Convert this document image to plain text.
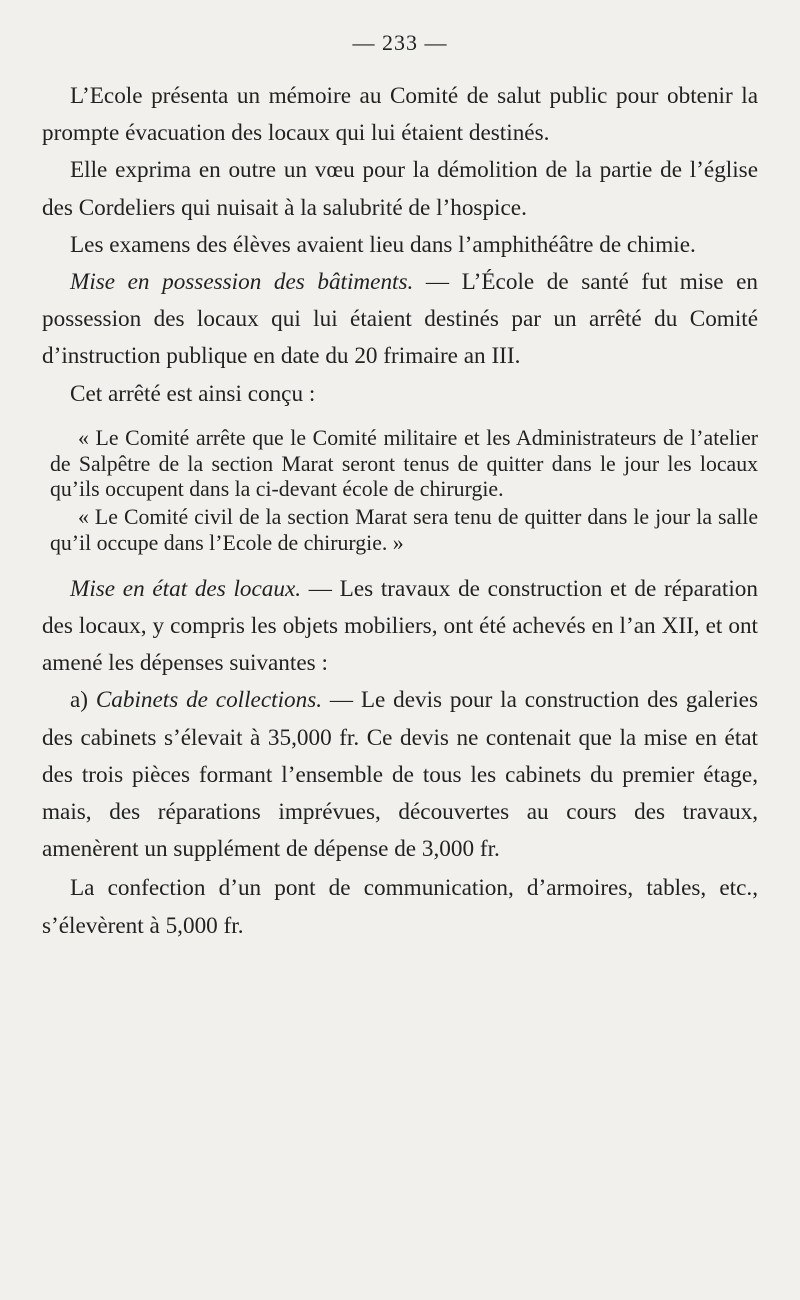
— 233 —

L’Ecole présenta un mémoire au Comité de salut public pour obtenir la prompte évacuation des locaux qui lui étaient destinés.

Elle exprima en outre un vœu pour la démolition de la partie de l’église des Cordeliers qui nuisait à la salubrité de l’hospice.

Les examens des élèves avaient lieu dans l’amphithéâtre de chimie.

Mise en possession des bâtiments. — L’École de santé fut mise en possession des locaux qui lui étaient destinés par un arrêté du Comité d’instruction publique en date du 20 frimaire an III.

Cet arrêté est ainsi conçu :

« Le Comité arrête que le Comité militaire et les Administrateurs de l’atelier de Salpêtre de la section Marat seront tenus de quitter dans le jour les locaux qu’ils occupent dans la ci-devant école de chirurgie.

« Le Comité civil de la section Marat sera tenu de quitter dans le jour la salle qu’il occupe dans l’Ecole de chirurgie. »

Mise en état des locaux. — Les travaux de construction et de réparation des locaux, y compris les objets mobiliers, ont été achevés en l’an XII, et ont amené les dépenses suivantes :

a) Cabinets de collections. — Le devis pour la construction des galeries des cabinets s’élevait à 35,000 fr. Ce devis ne contenait que la mise en état des trois pièces formant l’ensemble de tous les cabinets du premier étage, mais, des réparations imprévues, découvertes au cours des travaux, amenèrent un supplément de dépense de 3,000 fr.

La confection d’un pont de communication, d’armoires, tables, etc., s’élevèrent à 5,000 fr.
